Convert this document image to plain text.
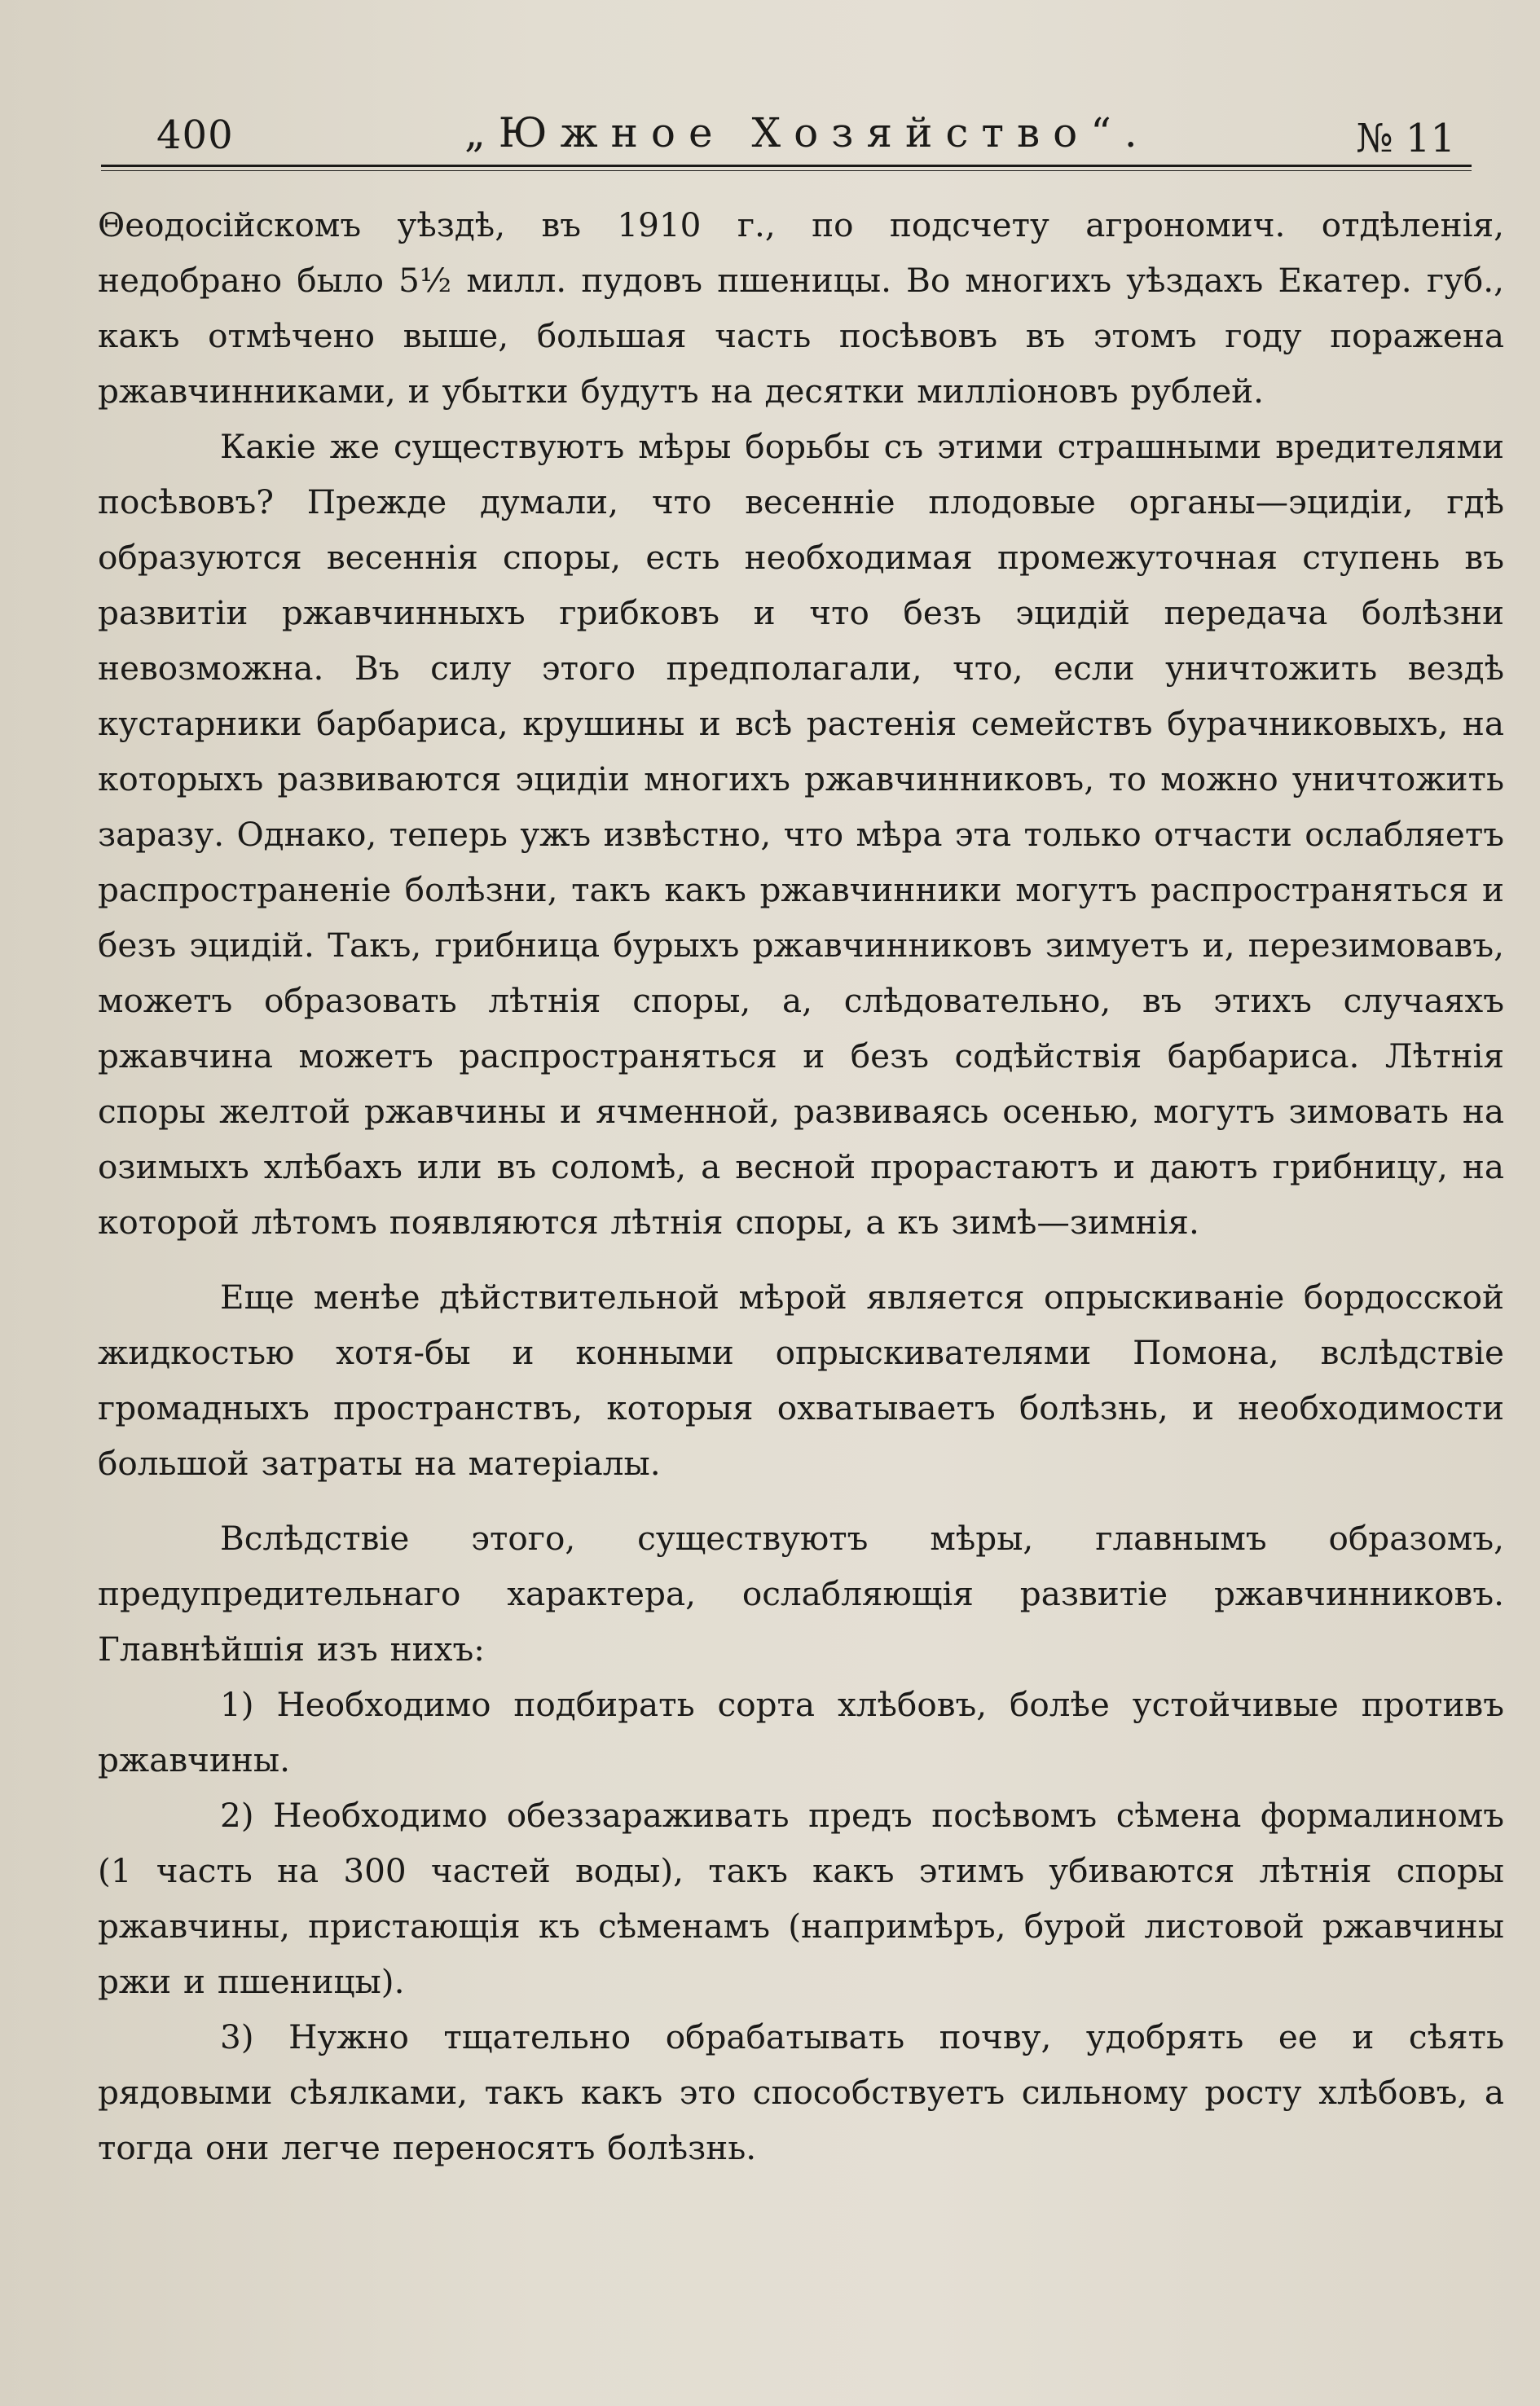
400	„Южное Хозяйство“.	№ 11

Θеодосійскомъ уѣздѣ, въ 1910 г., по подсчету агрономич. отдѣленія, недобрано было 5½ милл. пудовъ пшеницы. Во многихъ уѣздахъ Екатер. губ., какъ отмѣчено выше, большая часть посѣвовъ въ этомъ году поражена ржавчинниками, и убытки будутъ на десятки милліоновъ рублей.

Какіе же существуютъ мѣры борьбы съ этими страшными вредителями посѣвовъ? Прежде думали, что весенніе плодовые органы—эцидіи, гдѣ образуются весеннія споры, есть необходимая промежуточная ступень въ развитіи ржавчинныхъ грибковъ и что безъ эцидій передача болѣзни невозможна. Въ силу этого предполагали, что, если уничтожить вездѣ кустарники барбариса, крушины и всѣ растенія семействъ бурачниковыхъ, на которыхъ развиваются эцидіи многихъ ржавчинниковъ, то можно уничтожить заразу. Однако, теперь ужъ извѣстно, что мѣра эта только отчасти ослабляетъ распространеніе болѣзни, такъ какъ ржавчинники могутъ распространяться и безъ эцидій. Такъ, грибница бурыхъ ржавчинниковъ зимуетъ и, перезимовавъ, можетъ образовать лѣтнія споры, а, слѣдовательно, въ этихъ случаяхъ ржавчина можетъ распространяться и безъ содѣйствія барбариса. Лѣтнія споры желтой ржавчины и ячменной, развиваясь осенью, могутъ зимовать на озимыхъ хлѣбахъ или въ соломѣ, а весной прорастаютъ и даютъ грибницу, на которой лѣтомъ появляются лѣтнія споры, а къ зимѣ—зимнія.

Еще менѣе дѣйствительной мѣрой является опрыскиваніе бордосской жидкостью хотя-бы и конными опрыскивателями Помона, вслѣдствіе громадныхъ пространствъ, которыя охватываетъ болѣзнь, и необходимости большой затраты на матеріалы.

Вслѣдствіе этого, существуютъ мѣры, главнымъ образомъ, предупредительнаго характера, ослабляющія развитіе ржавчинниковъ. Главнѣйшія изъ нихъ:

1) Необходимо подбирать сорта хлѣбовъ, болѣе устойчивые противъ ржавчины.

2) Необходимо обеззараживать предъ посѣвомъ сѣмена формалиномъ (1 часть на 300 частей воды), такъ какъ этимъ убиваются лѣтнія споры ржавчины, пристающія къ сѣменамъ (напримѣръ, бурой листовой ржавчины ржи и пшеницы).

3) Нужно тщательно обрабатывать почву, удобрять ее и сѣять рядовыми сѣялками, такъ какъ это способствуетъ сильному росту хлѣбовъ, а тогда они легче переносятъ болѣзнь.
